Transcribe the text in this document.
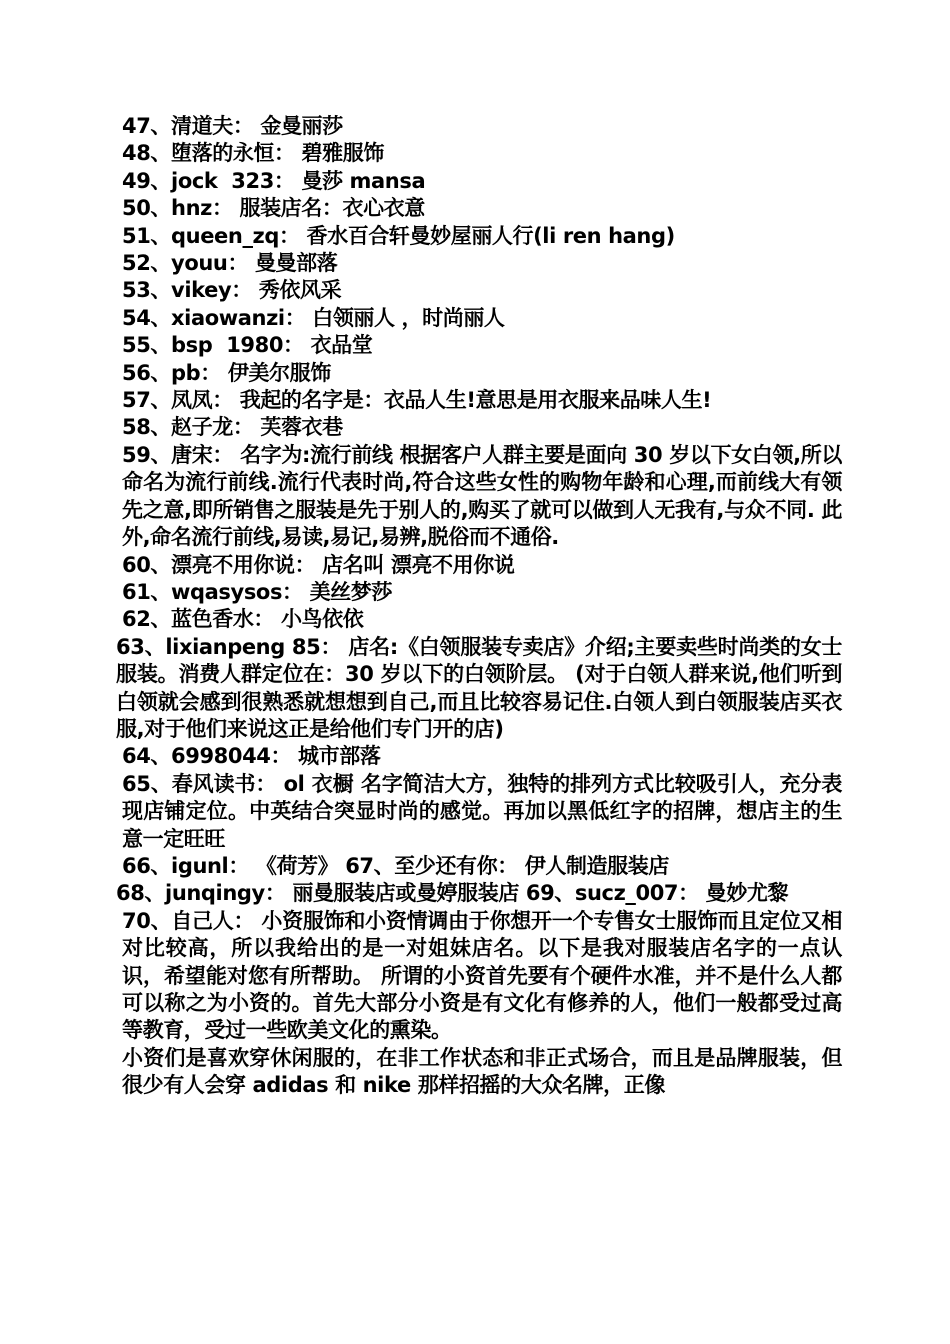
47、清道夫： 金曼丽莎
48、堕落的永恒： 碧雅服饰
49、jock  323： 曼莎 mansa
50、hnz： 服装店名：衣心衣意
51、queen_zq： 香水百合轩曼妙屋丽人行(li ren hang)
52、youu： 曼曼部落
53、vikey： 秀依风采
54、xiaowanzi： 白领丽人 ，时尚丽人
55、bsp  1980： 衣品堂
56、pb： 伊美尔服饰
57、凤凤： 我起的名字是：衣品人生!意思是用衣服来品味人生!
58、赵子龙： 芙蓉衣巷
59、唐宋： 名字为:流行前线 根据客户人群主要是面向 30 岁以下女白领,所以命名为流行前线.流行代表时尚,符合这些女性的购物年龄和心理,而前线大有领先之意,即所销售之服装是先于别人的,购买了就可以做到人无我有,与众不同. 此外,命名流行前线,易读,易记,易辨,脱俗而不通俗.
60、漂亮不用你说： 店名叫 漂亮不用你说
61、wqasysos： 美丝梦莎
62、蓝色香水： 小鸟依依
63、lixianpeng 85： 店名:《白领服装专卖店》介绍;主要卖些时尚类的女士服装。消费人群定位在：30 岁以下的白领阶层。 (对于白领人群来说,他们听到白领就会感到很熟悉就想想到自己,而且比较容易记住.白领人到白领服装店买衣服,对于他们来说这正是给他们专门开的店)
64、6998044： 城市部落
65、春风读书： ol 衣橱 名字简洁大方，独特的排列方式比较吸引人，充分表现店铺定位。中英结合突显时尚的感觉。再加以黑低红字的招牌，想店主的生意一定旺旺
66、igunl： 《荷芳》 67、至少还有你： 伊人制造服装店
68、junqingy： 丽曼服装店或曼婷服装店 69、sucz_007： 曼妙尤黎
70、自己人： 小资服饰和小资情调由于你想开一个专售女士服饰而且定位又相对比较高，所以我给出的是一对姐妹店名。以下是我对服装店名字的一点认识，希望能对您有所帮助。 所谓的小资首先要有个硬件水准，并不是什么人都可以称之为小资的。首先大部分小资是有文化有修养的人，他们一般都受过高等教育，受过一些欧美文化的熏染。
小资们是喜欢穿休闲服的，在非工作状态和非正式场合，而且是品牌服装，但很少有人会穿 adidas 和 nike 那样招摇的大众名牌，正像
